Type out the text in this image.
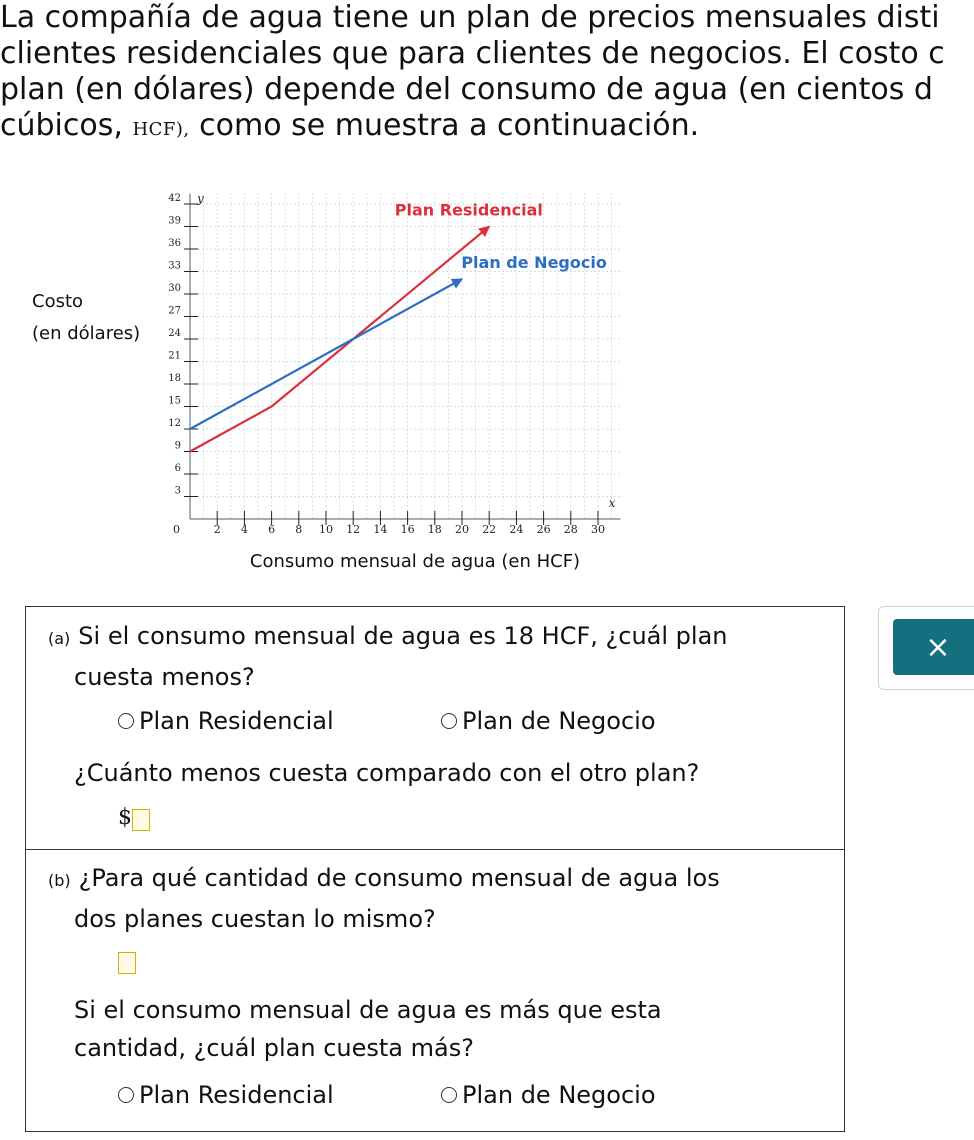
La compañía de agua tiene un plan de precios mensuales disti
clientes residenciales que para clientes de negocios. El costo c
plan (en dólares) depende del consumo de agua (en cientos d
cúbicos, HCF), como se muestra a continuación.
Costo
(en dólares)
2 4 6 8 10 12 14 16 18 20 22 24 26 28 30
3
6
9
12
15
18
21
24
27
30
33
36
39
42
0
x
y
Plan Residencial
Plan de Negocio
Consumo mensual de agua (en HCF)
(a) Si el consumo mensual de agua es 18 HCF, ¿cuál plan
cuesta menos?
Plan Residencial	Plan de Negocio
¿Cuánto menos cuesta comparado con el otro plan?
$
(b) ¿Para qué cantidad de consumo mensual de agua los
dos planes cuestan lo mismo?
Si el consumo mensual de agua es más que esta
cantidad, ¿cuál plan cuesta más?
Plan Residencial	Plan de Negocio
×
